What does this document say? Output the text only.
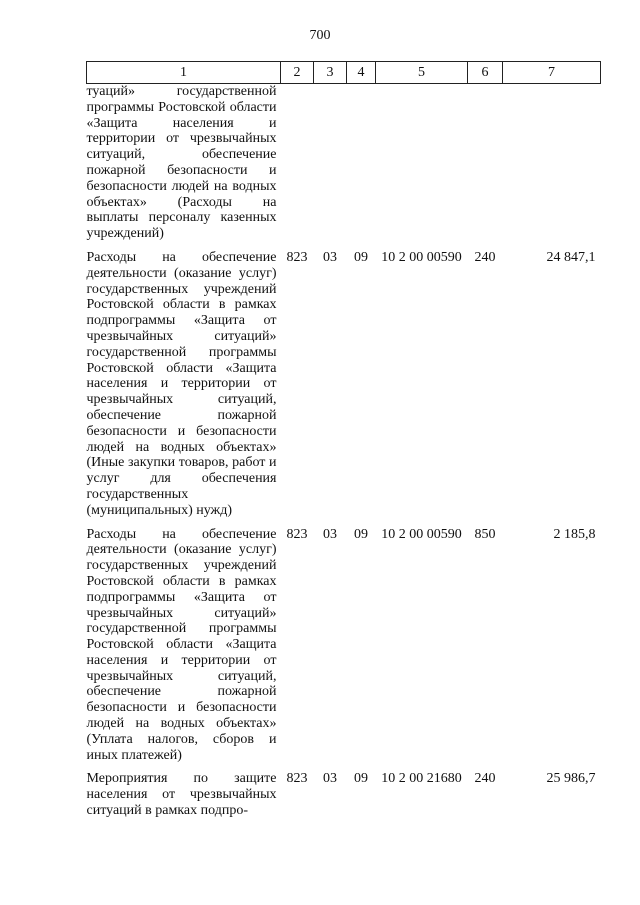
700
1	2	3	4	5	6	7
туаций» государственной программы Ростовской области «Защита населения и территории от чрезвычайных ситуаций, обеспечение пожарной безопасности и безопасности людей на водных объектах» (Расходы на выплаты персоналу казенных учреждений)						
Расходы на обеспечение деятельности (оказание услуг) государственных учреждений Ростовской области в рамках подпрограммы «Защита от чрезвычайных ситуаций» государственной программы Ростовской области «Защита населения и территории от чрезвычайных ситуаций, обеспечение пожарной безопасности и безопасности людей на водных объектах» (Иные закупки товаров, работ и услуг для обеспечения государственных (муниципальных) нужд)	823	03	09	10 2 00 00590	240	24 847,1
Расходы на обеспечение деятельности (оказание услуг) государственных учреждений Ростовской области в рамках подпрограммы «Защита от чрезвычайных ситуаций» государственной программы Ростовской области «Защита населения и территории от чрезвычайных ситуаций, обеспечение пожарной безопасности и безопасности людей на водных объектах» (Уплата налогов, сборов и иных платежей)	823	03	09	10 2 00 00590	850	2 185,8
Мероприятия по защите населения от чрезвычайных ситуаций в рамках подпро-	823	03	09	10 2 00 21680	240	25 986,7
